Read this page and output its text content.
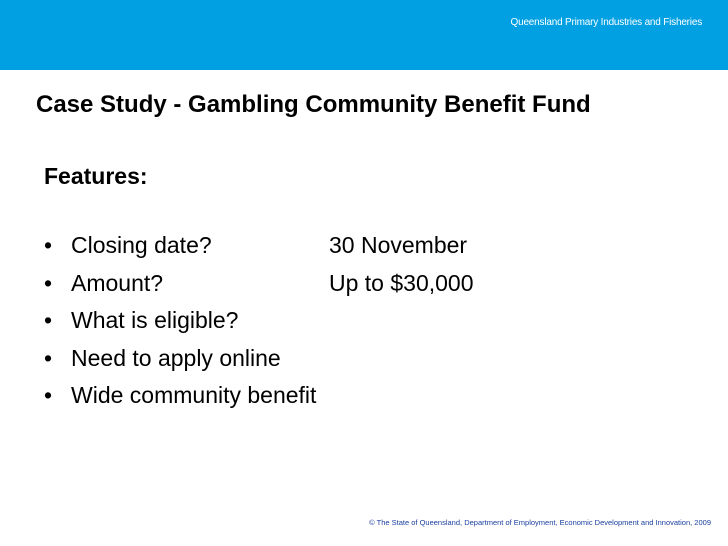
Queensland Primary Industries and Fisheries
Case Study - Gambling Community Benefit Fund
Features:
• Closing date?	30 November
• Amount?	Up to $30,000
• What is eligible?
• Need to apply online
• Wide community benefit
© The State of Queensland, Department of Employment, Economic Development and Innovation, 2009
